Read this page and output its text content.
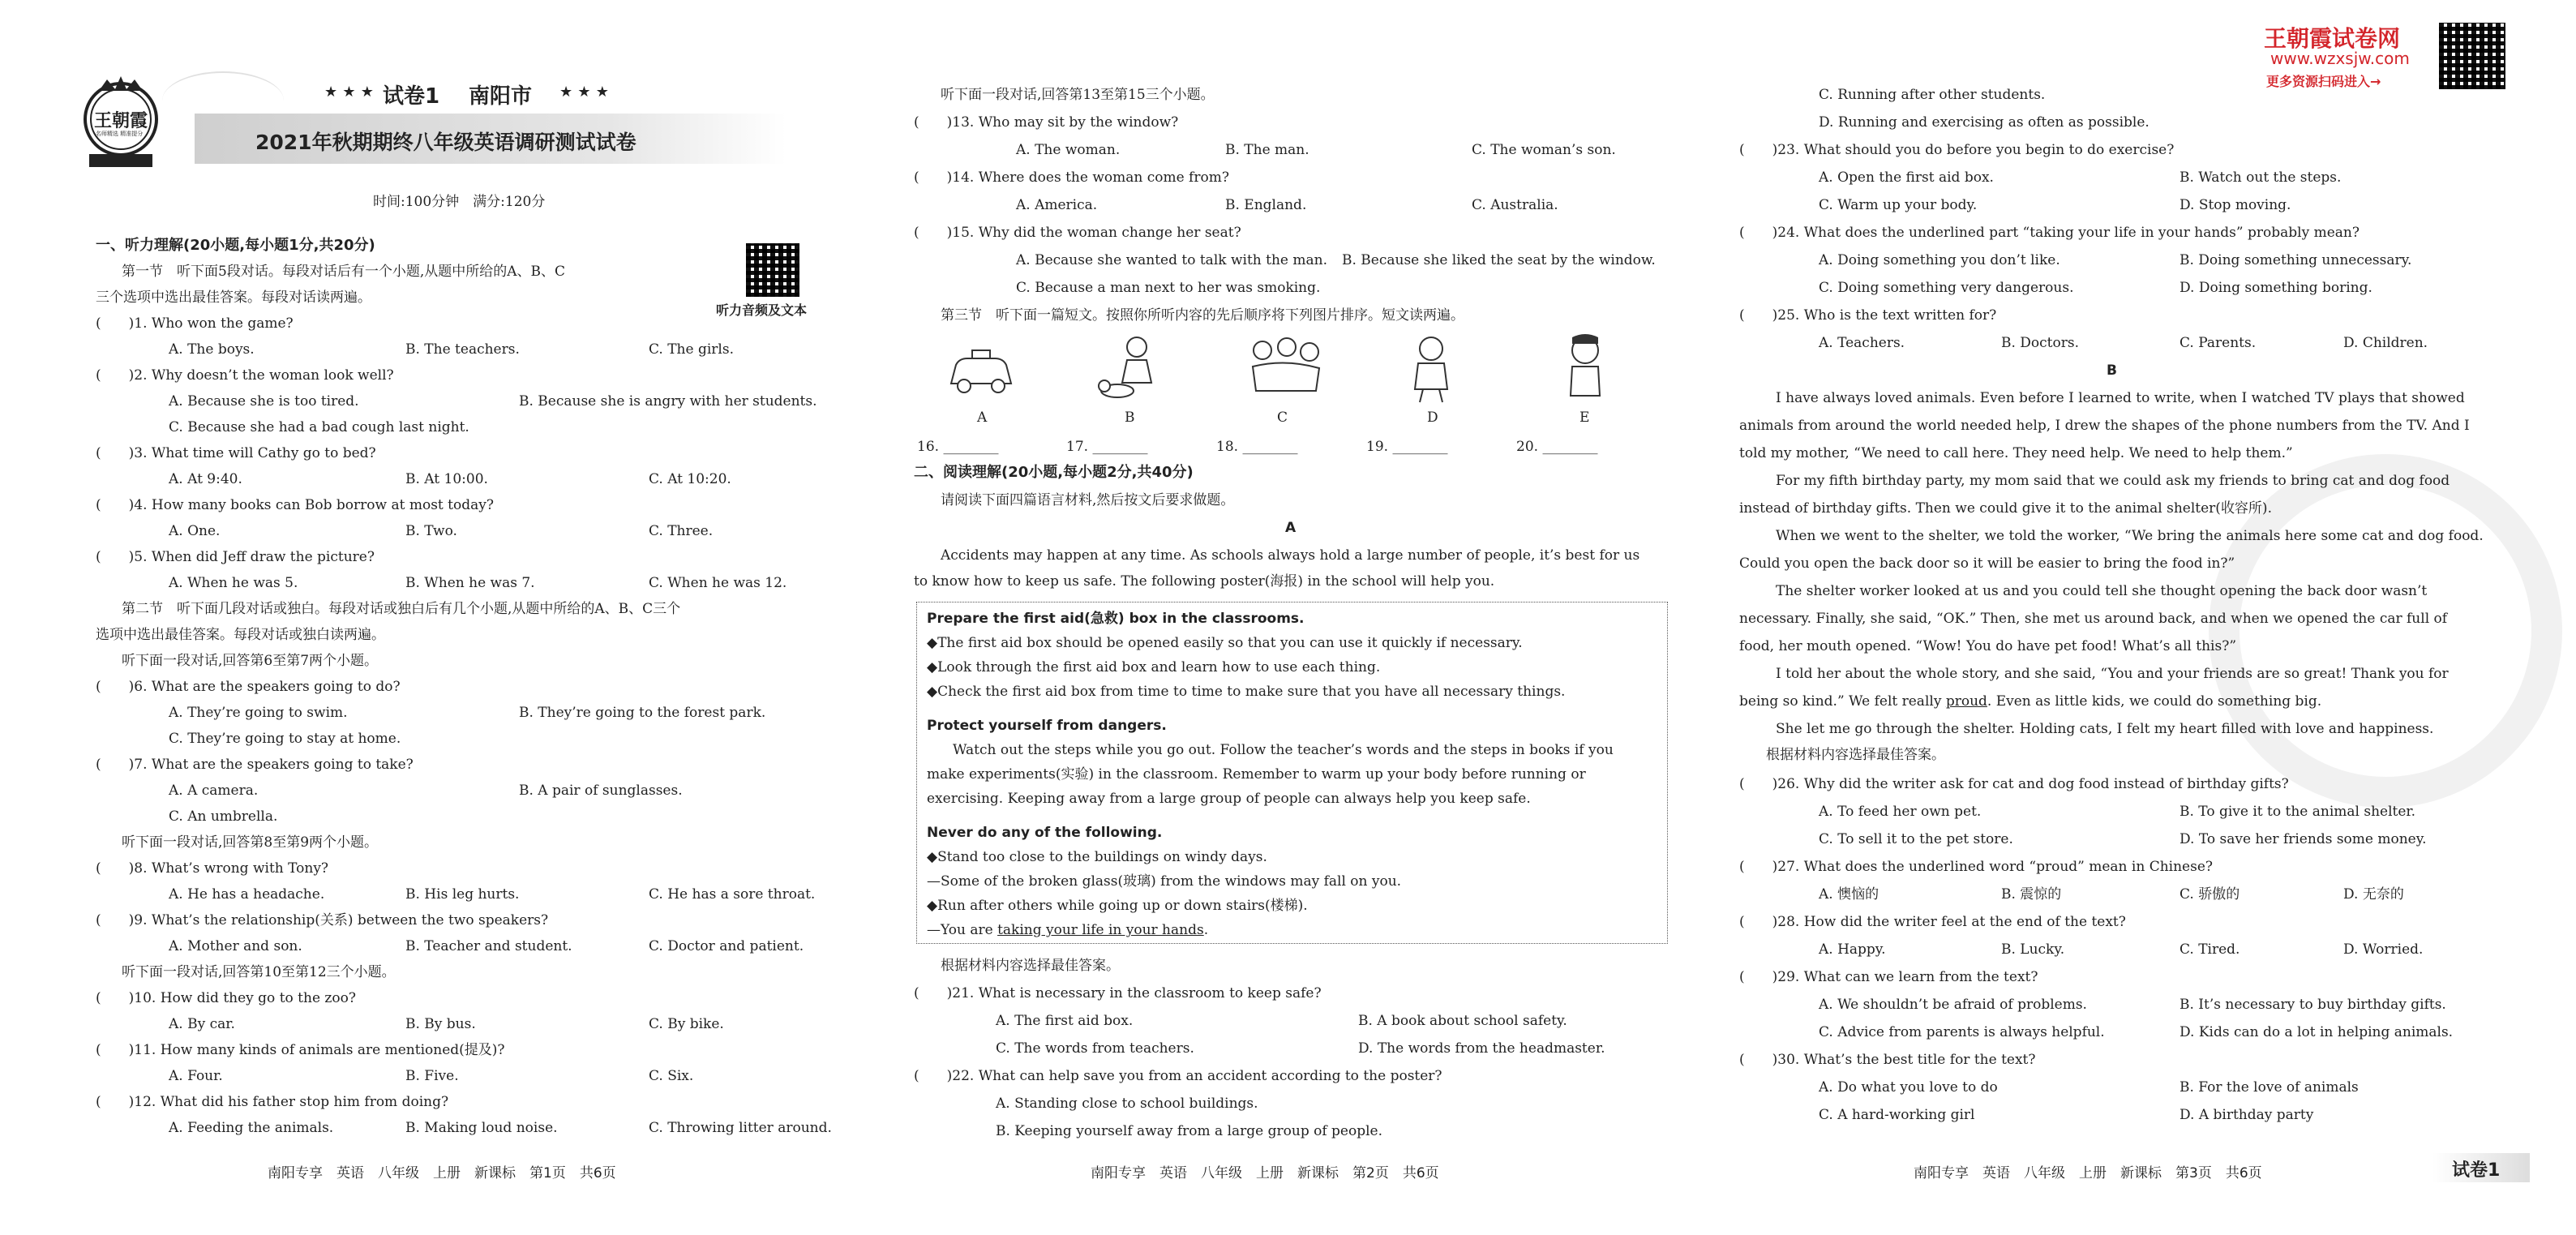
王朝霞
名师精选 精准提分
★ ★ ★ 试卷1 南阳市 ★ ★ ★
2021年秋期期终八年级英语调研测试试卷
时间:100分钟　满分:120分
听力音频及文本
一、听力理解(20小题,每小题1分,共20分)
第一节　听下面5段对话。每段对话后有一个小题,从题中所给的A、B、C
三个选项中选出最佳答案。每段对话读两遍。
(　　)1. Who won the game?
A. The boys.	B. The teachers.	C. The girls.
(　　)2. Why doesn’t the woman look well?
A. Because she is too tired.	B. Because she is angry with her students.
C. Because she had a bad cough last night.
(　　)3. What time will Cathy go to bed?
A. At 9:40.	B. At 10:00.	C. At 10:20.
(　　)4. How many books can Bob borrow at most today?
A. One.	B. Two.	C. Three.
(　　)5. When did Jeff draw the picture?
A. When he was 5.	B. When he was 7.	C. When he was 12.
第二节　听下面几段对话或独白。每段对话或独白后有几个小题,从题中所给的A、B、C三个
选项中选出最佳答案。每段对话或独白读两遍。
听下面一段对话,回答第6至第7两个小题。
(　　)6. What are the speakers going to do?
A. They’re going to swim.	B. They’re going to the forest park.
C. They’re going to stay at home.
(　　)7. What are the speakers going to take?
A. A camera.	B. A pair of sunglasses.
C. An umbrella.
听下面一段对话,回答第8至第9两个小题。
(　　)8. What’s wrong with Tony?
A. He has a headache.	B. His leg hurts.	C. He has a sore throat.
(　　)9. What’s the relationship(关系) between the two speakers?
A. Mother and son.	B. Teacher and student.	C. Doctor and patient.
听下面一段对话,回答第10至第12三个小题。
(　　)10. How did they go to the zoo?
A. By car.	B. By bus.	C. By bike.
(　　)11. How many kinds of animals are mentioned(提及)?
A. Four.	B. Five.	C. Six.
(　　)12. What did his father stop him from doing?
A. Feeding the animals.	B. Making loud noise.	C. Throwing litter around.
南阳专享　英语　八年级　上册　新课标　第1页　共6页
听下面一段对话,回答第13至第15三个小题。
(　　)13. Who may sit by the window?
A. The woman.	B. The man.	C. The woman’s son.
(　　)14. Where does the woman come from?
A. America.	B. England.	C. Australia.
(　　)15. Why did the woman change her seat?
A. Because she wanted to talk with the man. B. Because she liked the seat by the window.
C. Because a man next to her was smoking.
第三节　听下面一篇短文。按照你所听内容的先后顺序将下列图片排序。短文读两遍。
A	B	C	D	E
16. ________	17. ________	18. ________	19. ________	20. ________
二、阅读理解(20小题,每小题2分,共40分)
请阅读下面四篇语言材料,然后按文后要求做题。
A
Accidents may happen at any time. As schools always hold a large number of people, it’s best for us
to know how to keep us safe. The following poster(海报) in the school will help you.
Prepare the first aid(急救) box in the classrooms.
◆The first aid box should be opened easily so that you can use it quickly if necessary.
◆Look through the first aid box and learn how to use each thing.
◆Check the first aid box from time to time to make sure that you have all necessary things.
Protect yourself from dangers.
Watch out the steps while you go out. Follow the teacher’s words and the steps in books if you
make experiments(实验) in the classroom. Remember to warm up your body before running or
exercising. Keeping away from a large group of people can always help you keep safe.
Never do any of the following.
◆Stand too close to the buildings on windy days.
—Some of the broken glass(玻璃) from the windows may fall on you.
◆Run after others while going up or down stairs(楼梯).
—You are taking your life in your hands.
根据材料内容选择最佳答案。
(　　)21. What is necessary in the classroom to keep safe?
A. The first aid box.	B. A book about school safety.
C. The words from teachers.	D. The words from the headmaster.
(　　)22. What can help save you from an accident according to the poster?
A. Standing close to school buildings.
B. Keeping yourself away from a large group of people.
南阳专享　英语　八年级　上册　新课标　第2页　共6页
王朝霞试卷网
www.wzxsjw.com
更多资源扫码进入→
C. Running after other students.
D. Running and exercising as often as possible.
(　　)23. What should you do before you begin to do exercise?
A. Open the first aid box.	B. Watch out the steps.
C. Warm up your body.	D. Stop moving.
(　　)24. What does the underlined part “taking your life in your hands” probably mean?
A. Doing something you don’t like.	B. Doing something unnecessary.
C. Doing something very dangerous.	D. Doing something boring.
(　　)25. Who is the text written for?
A. Teachers.	B. Doctors.	C. Parents.	D. Children.
B
I have always loved animals. Even before I learned to write, when I watched TV plays that showed
animals from around the world needed help, I drew the shapes of the phone numbers from the TV. And I
told my mother, “We need to call here. They need help. We need to help them.”
For my fifth birthday party, my mom said that we could ask my friends to bring cat and dog food
instead of birthday gifts. Then we could give it to the animal shelter(收容所).
When we went to the shelter, we told the worker, “We bring the animals here some cat and dog food.
Could you open the back door so it will be easier to bring the food in?”
The shelter worker looked at us and you could tell she thought opening the back door wasn’t
necessary. Finally, she said, “OK.” Then, she met us around back, and when we opened the car full of
food, her mouth opened. “Wow! You do have pet food! What’s all this?”
I told her about the whole story, and she said, “You and your friends are so great! Thank you for
being so kind.” We felt really proud. Even as little kids, we could do something big.
She let me go through the shelter. Holding cats, I felt my heart filled with love and happiness.
根据材料内容选择最佳答案。
(　　)26. Why did the writer ask for cat and dog food instead of birthday gifts?
A. To feed her own pet.	B. To give it to the animal shelter.
C. To sell it to the pet store.	D. To save her friends some money.
(　　)27. What does the underlined word “proud” mean in Chinese?
A. 懊恼的	B. 震惊的	C. 骄傲的	D. 无奈的
(　　)28. How did the writer feel at the end of the text?
A. Happy.	B. Lucky.	C. Tired.	D. Worried.
(　　)29. What can we learn from the text?
A. We shouldn’t be afraid of problems.	B. It’s necessary to buy birthday gifts.
C. Advice from parents is always helpful.	D. Kids can do a lot in helping animals.
(　　)30. What’s the best title for the text?
A. Do what you love to do	B. For the love of animals
C. A hard-working girl	D. A birthday party
南阳专享　英语　八年级　上册　新课标　第3页　共6页	试卷1
